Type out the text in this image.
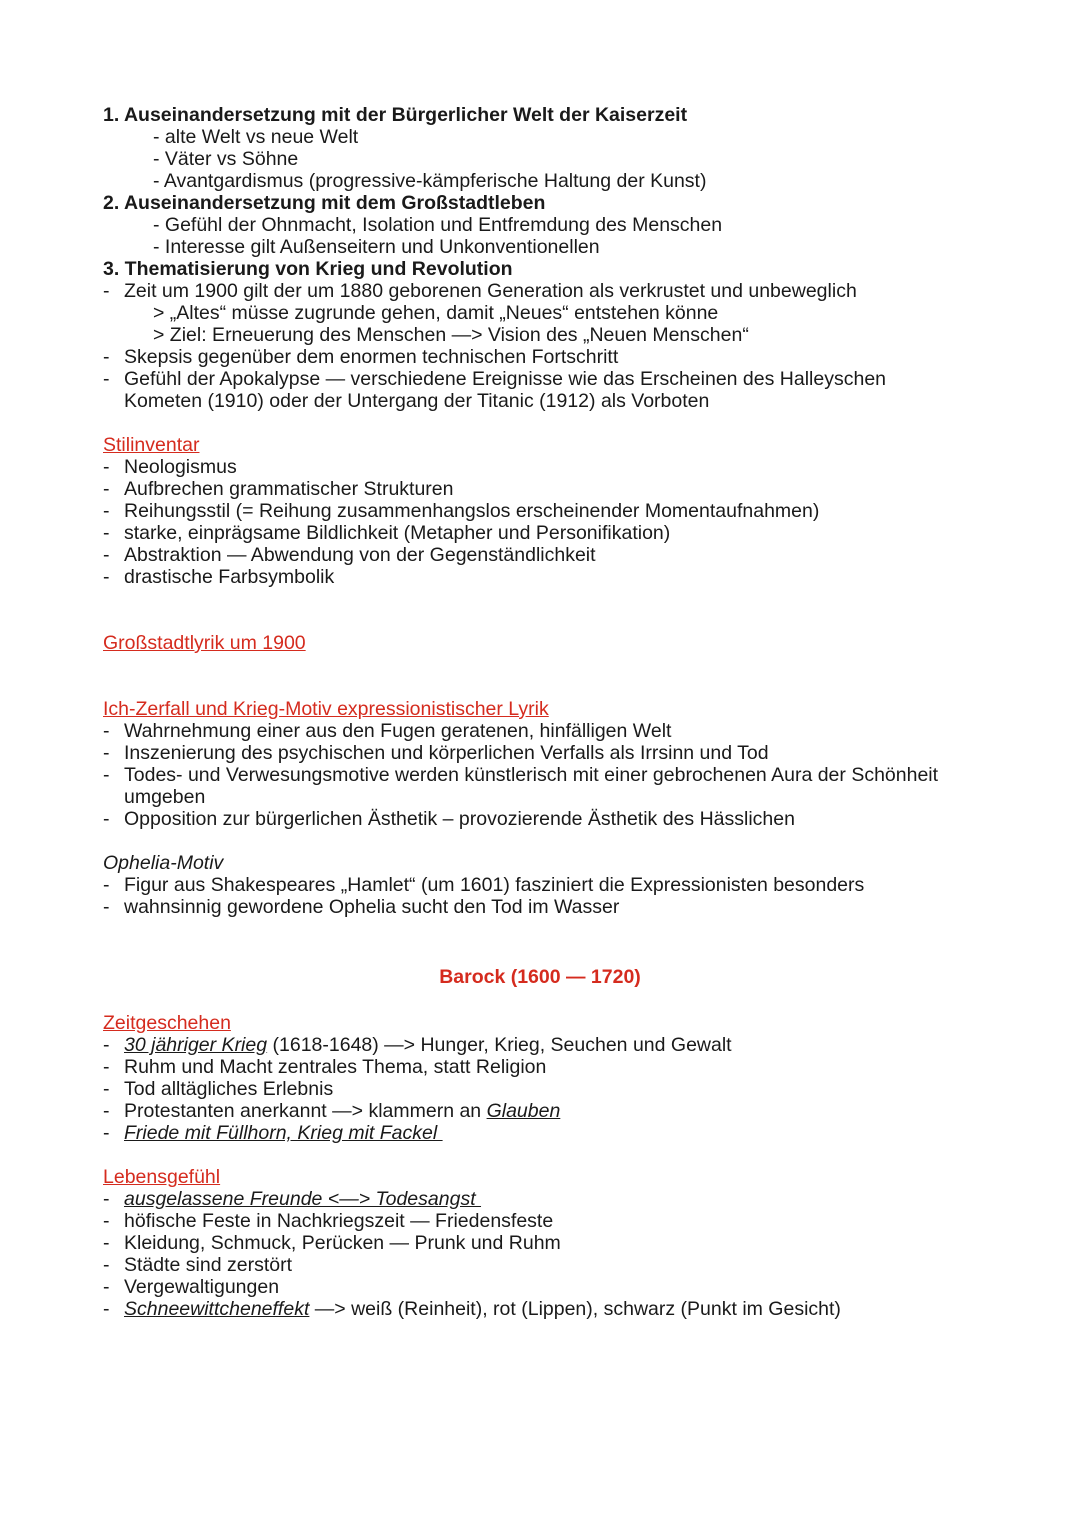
1. Auseinandersetzung mit der Bürgerlicher Welt der Kaiserzeit
- alte Welt vs neue Welt
- Väter vs Söhne
- Avantgardismus (progressive-kämpferische Haltung der Kunst)
2. Auseinandersetzung mit dem Großstadtleben
- Gefühl der Ohnmacht, Isolation und Entfremdung des Menschen
- Interesse gilt Außenseitern und Unkonventionellen
3. Thematisierung von Krieg und Revolution
- Zeit um 1900 gilt der um 1880 geborenen Generation als verkrustet und unbeweglich
> „Altes“ müsse zugrunde gehen, damit „Neues“ entstehen könne
> Ziel: Erneuerung des Menschen —> Vision des „Neuen Menschen“
- Skepsis gegenüber dem enormen technischen Fortschritt
- Gefühl der Apokalypse — verschiedene Ereignisse wie das Erscheinen des Halleyschen
Kometen (1910) oder der Untergang der Titanic (1912) als Vorboten
Stilinventar
- Neologismus
- Aufbrechen grammatischer Strukturen
- Reihungsstil (= Reihung zusammenhangslos erscheinender Momentaufnahmen)
- starke, einprägsame Bildlichkeit (Metapher und Personifikation)
- Abstraktion — Abwendung von der Gegenständlichkeit
- drastische Farbsymbolik
Großstadtlyrik um 1900
Ich-Zerfall und Krieg-Motiv expressionistischer Lyrik
- Wahrnehmung einer aus den Fugen geratenen, hinfälligen Welt
- Inszenierung des psychischen und körperlichen Verfalls als Irrsinn und Tod
- Todes- und Verwesungsmotive werden künstlerisch mit einer gebrochenen Aura der Schönheit
umgeben
- Opposition zur bürgerlichen Ästhetik – provozierende Ästhetik des Hässlichen
Ophelia-Motiv
- Figur aus Shakespeares „Hamlet“ (um 1601) fasziniert die Expressionisten besonders
- wahnsinnig gewordene Ophelia sucht den Tod im Wasser
Barock (1600 — 1720)
Zeitgeschehen
- 30 jähriger Krieg (1618-1648) —> Hunger, Krieg, Seuchen und Gewalt
- Ruhm und Macht zentrales Thema, statt Religion
- Tod alltägliches Erlebnis
- Protestanten anerkannt —> klammern an Glauben
- Friede mit Füllhorn, Krieg mit Fackel
Lebensgefühl
- ausgelassene Freunde <—> Todesangst
- höfische Feste in Nachkriegszeit — Friedensfeste
- Kleidung, Schmuck, Perücken — Prunk und Ruhm
- Städte sind zerstört
- Vergewaltigungen
- Schneewittcheneffekt —> weiß (Reinheit), rot (Lippen), schwarz (Punkt im Gesicht)
